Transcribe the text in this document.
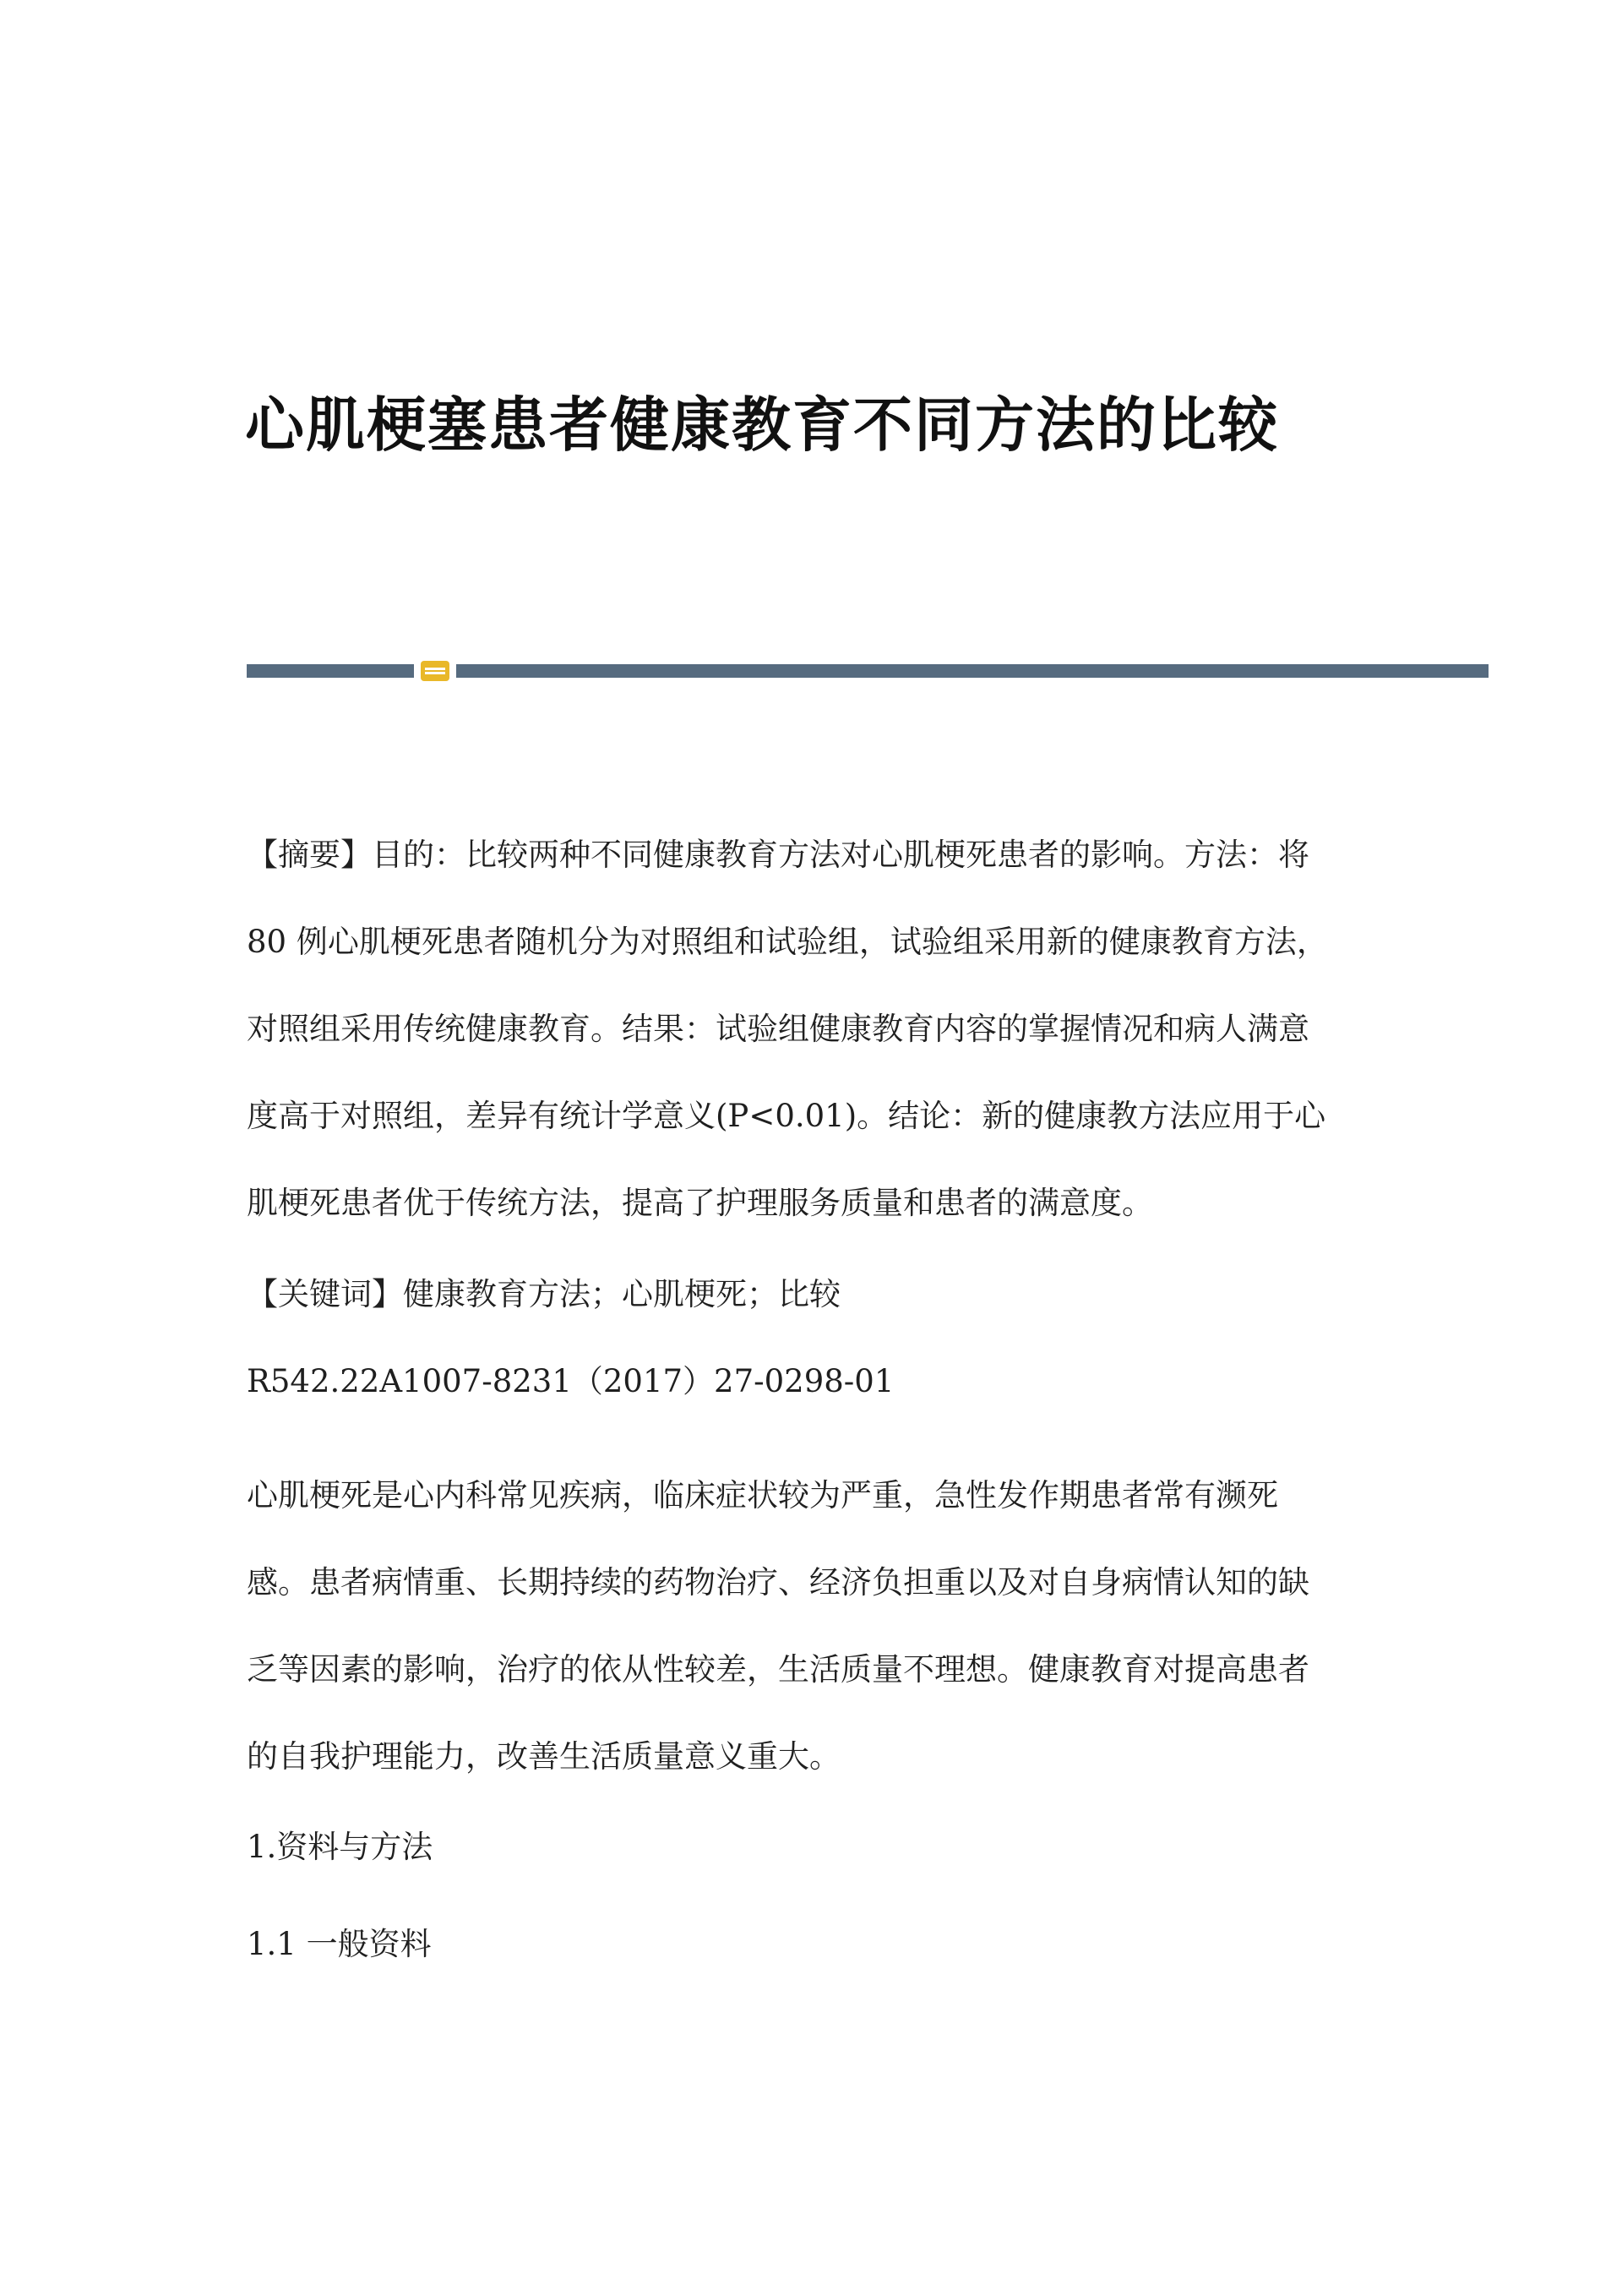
心肌梗塞患者健康教育不同方法的比较
【摘要】目的：比较两种不同健康教育方法对心肌梗死患者的影响。方法：将
80 例心肌梗死患者随机分为对照组和试验组，试验组采用新的健康教育方法，
对照组采用传统健康教育。结果：试验组健康教育内容的掌握情况和病人满意
度高于对照组，差异有统计学意义(P<0.01)。结论：新的健康教方法应用于心
肌梗死患者优于传统方法，提高了护理服务质量和患者的满意度。

【关键词】健康教育方法；心肌梗死；比较

R542.22A1007-8231（2017）27-0298-01

心肌梗死是心内科常见疾病，临床症状较为严重，急性发作期患者常有濒死
感。患者病情重、长期持续的药物治疗、经济负担重以及对自身病情认知的缺
乏等因素的影响，治疗的依从性较差，生活质量不理想。健康教育对提高患者
的自我护理能力，改善生活质量意义重大。

1.资料与方法

1.1 一般资料
